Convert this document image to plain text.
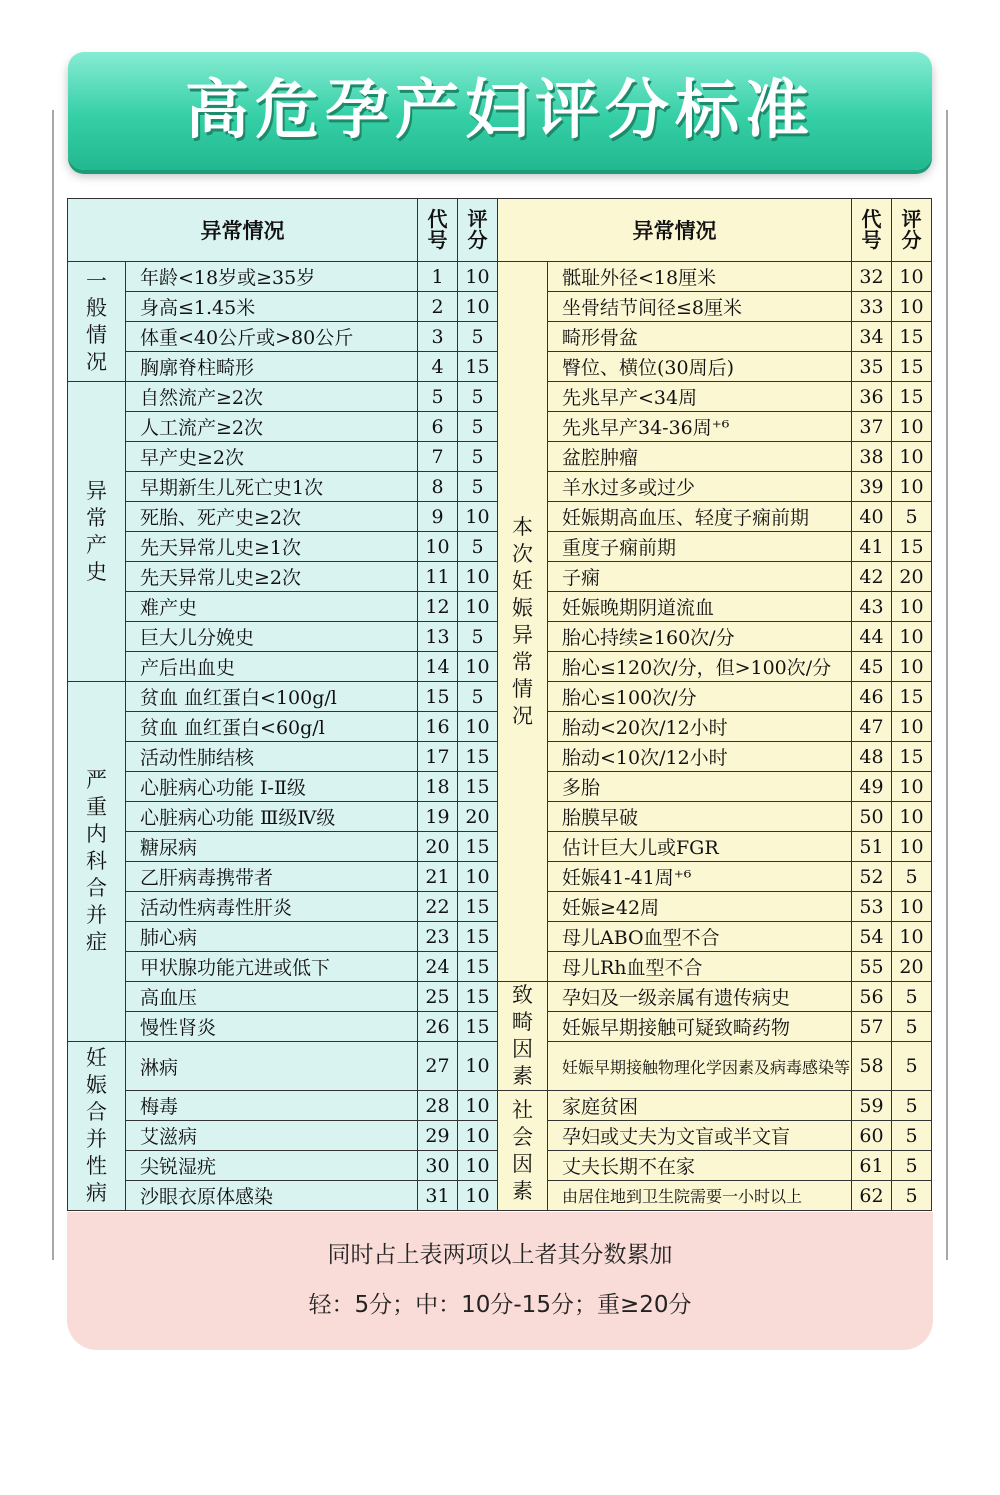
高危孕产妇评分标准
异常情况		代号	评分	异常情况		代号	评分
一般情况	年龄<18岁或≥35岁	1	10	本次妊娠异常情况	骶耻外径<18厘米	32	10
	身高≤1.45米	2	10		坐骨结节间径≤8厘米	33	10
	体重<40公斤或>80公斤	3	5		畸形骨盆	34	15
	胸廓脊柱畸形	4	15		臀位、横位(30周后)	35	15
异常产史	自然流产≥2次	5	5		先兆早产<34周	36	15
	人工流产≥2次	6	5		先兆早产34-36周⁺⁶	37	10
	早产史≥2次	7	5		盆腔肿瘤	38	10
	早期新生儿死亡史1次	8	5		羊水过多或过少	39	10
	死胎、死产史≥2次	9	10		妊娠期高血压、轻度子痫前期	40	5
	先天异常儿史≥1次	10	5		重度子痫前期	41	15
	先天异常儿史≥2次	11	10		子痫	42	20
	难产史	12	10		妊娠晚期阴道流血	43	10
	巨大儿分娩史	13	5		胎心持续≥160次/分	44	10
	产后出血史	14	10		胎心≤120次/分，但>100次/分	45	10
严重内科合并症	贫血 血红蛋白<100g/l	15	5		胎心≤100次/分	46	15
	贫血 血红蛋白<60g/l	16	10		胎动<20次/12小时	47	10
	活动性肺结核	17	15		胎动<10次/12小时	48	15
	心脏病心功能 Ⅰ-Ⅱ级	18	15		多胎	49	10
	心脏病心功能 Ⅲ级Ⅳ级	19	20		胎膜早破	50	10
	糖尿病	20	15		估计巨大儿或FGR	51	10
	乙肝病毒携带者	21	10		妊娠41-41周⁺⁶	52	5
	活动性病毒性肝炎	22	15		妊娠≥42周	53	10
	肺心病	23	15		母儿ABO血型不合	54	10
	甲状腺功能亢进或低下	24	15		母儿Rh血型不合	55	20
	高血压	25	15	致畸因素	孕妇及一级亲属有遗传病史	56	5
	慢性肾炎	26	15		妊娠早期接触可疑致畸药物	57	5
妊娠合并性病	淋病	27	10		妊娠早期接触物理化学因素及病毒感染等	58	5
	梅毒	28	10	社会因素	家庭贫困	59	5
	艾滋病	29	10		孕妇或丈夫为文盲或半文盲	60	5
	尖锐湿疣	30	10		丈夫长期不在家	61	5
	沙眼衣原体感染	31	10		由居住地到卫生院需要一小时以上	62	5
同时占上表两项以上者其分数累加
轻：5分；中：10分-15分；重≥20分
